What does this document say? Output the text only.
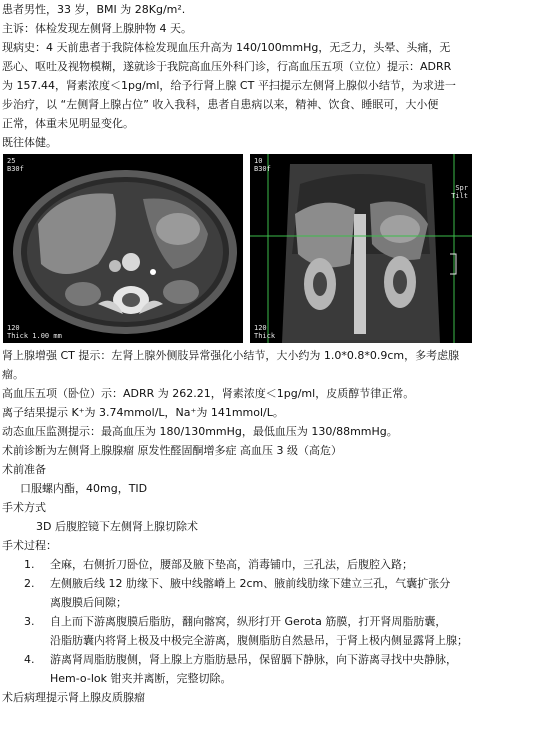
患者男性，33 岁，BMI 为 28Kg/m².

主诉：体检发现左侧肾上腺肿物 4 天。

现病史：4 天前患者于我院体检发现血压升高为 140/100mmHg，无乏力，头晕、头痛，无

恶心、呕吐及视物模糊，遂就诊于我院高血压外科门诊，行高血压五项（立位）提示：ADRR

为 157.44，肾素浓度＜1pg/ml，给予行肾上腺 CT 平扫提示左侧肾上腺似小结节，为求进一

步治疗，以 “左侧肾上腺占位” 收入我科，患者自患病以来，精神、饮食、睡眠可，大小便

正常，体重未见明显变化。

既往体健。

25
B30f
120
Thick 1.00 mm
10
B30f
Spr
Tilt
120
Thick

肾上腺增强 CT 提示：左肾上腺外侧肢异常强化小结节，大小约为 1.0*0.8*0.9cm，多考虑腺

瘤。

高血压五项（卧位）示：ADRR 为 262.21，肾素浓度＜1pg/ml，皮质醇节律正常。

离子结果提示 K⁺为 3.74mmol/L，Na⁺为 141mmol/L。

动态血压监测提示：最高血压为 180/130mmHg，最低血压为 130/88mmHg。

术前诊断为左侧肾上腺腺瘤 原发性醛固酮增多症 高血压 3 级（高危）

术前准备

口服螺内酯，40mg，TID

手术方式

3D 后腹腔镜下左侧肾上腺切除术

手术过程：

1.	全麻，右侧折刀卧位，腰部及腋下垫高，消毒铺巾，三孔法，后腹腔入路；
2.	左侧腋后线 12 肋缘下、腋中线髂嵴上 2cm、腋前线肋缘下建立三孔，气囊扩张分
离腹膜后间隙；
3.	自上而下游离腹膜后脂肪，翻向髂窝，纵形打开 Gerota 筋膜，打开肾周脂肪囊，
沿脂肪囊内将肾上极及中极完全游离，腹侧脂肪自然悬吊，于肾上极内侧显露肾上腺；
4.	游离肾周脂肪腹侧，肾上腺上方脂肪悬吊，保留膈下静脉，向下游离寻找中央静脉，
Hem-o-lok 钳夹并离断，完整切除。

术后病理提示肾上腺皮质腺瘤
